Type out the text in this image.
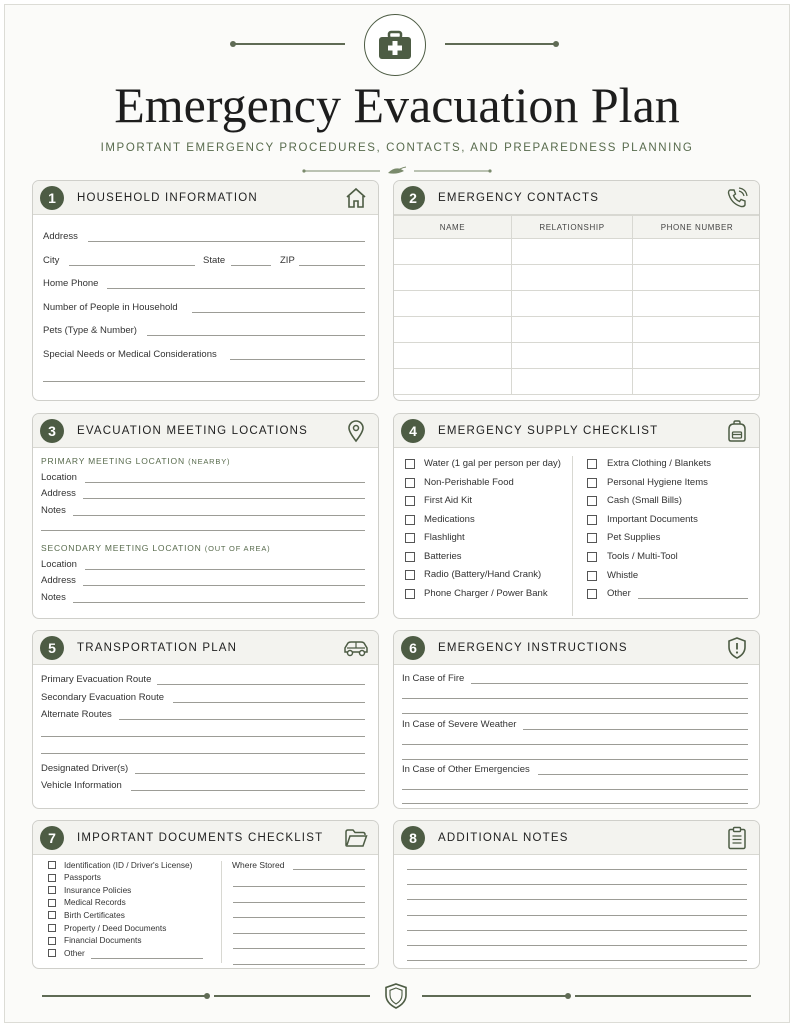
Emergency Evacuation Plan
IMPORTANT EMERGENCY PROCEDURES, CONTACTS, AND PREPAREDNESS PLANNING
1	HOUSEHOLD INFORMATION
Address
City	State	ZIP
Home Phone
Number of People in Household
Pets (Type & Number)
Special Needs or Medical Considerations
2	EMERGENCY CONTACTS
NAME	RELATIONSHIP	PHONE NUMBER

3	EVACUATION MEETING LOCATIONS
PRIMARY MEETING LOCATION (NEARBY)
Location
Address
Notes
SECONDARY MEETING LOCATION (OUT OF AREA)
Location
Address
Notes
4	EMERGENCY SUPPLY CHECKLIST
Water (1 gal per person per day)
Non-Perishable Food
First Aid Kit
Medications
Flashlight
Batteries
Radio (Battery/Hand Crank)
Phone Charger / Power Bank
Extra Clothing / Blankets
Personal Hygiene Items
Cash (Small Bills)
Important Documents
Pet Supplies
Tools / Multi-Tool
Whistle
Other
5	TRANSPORTATION PLAN
Primary Evacuation Route
Secondary Evacuation Route
Alternate Routes
Designated Driver(s)
Vehicle Information
6	EMERGENCY INSTRUCTIONS
In Case of Fire
In Case of Severe Weather
In Case of Other Emergencies
7	IMPORTANT DOCUMENTS CHECKLIST
Identification (ID / Driver's License)
Passports
Insurance Policies
Medical Records
Birth Certificates
Property / Deed Documents
Financial Documents
Other
Where Stored
8	ADDITIONAL NOTES
